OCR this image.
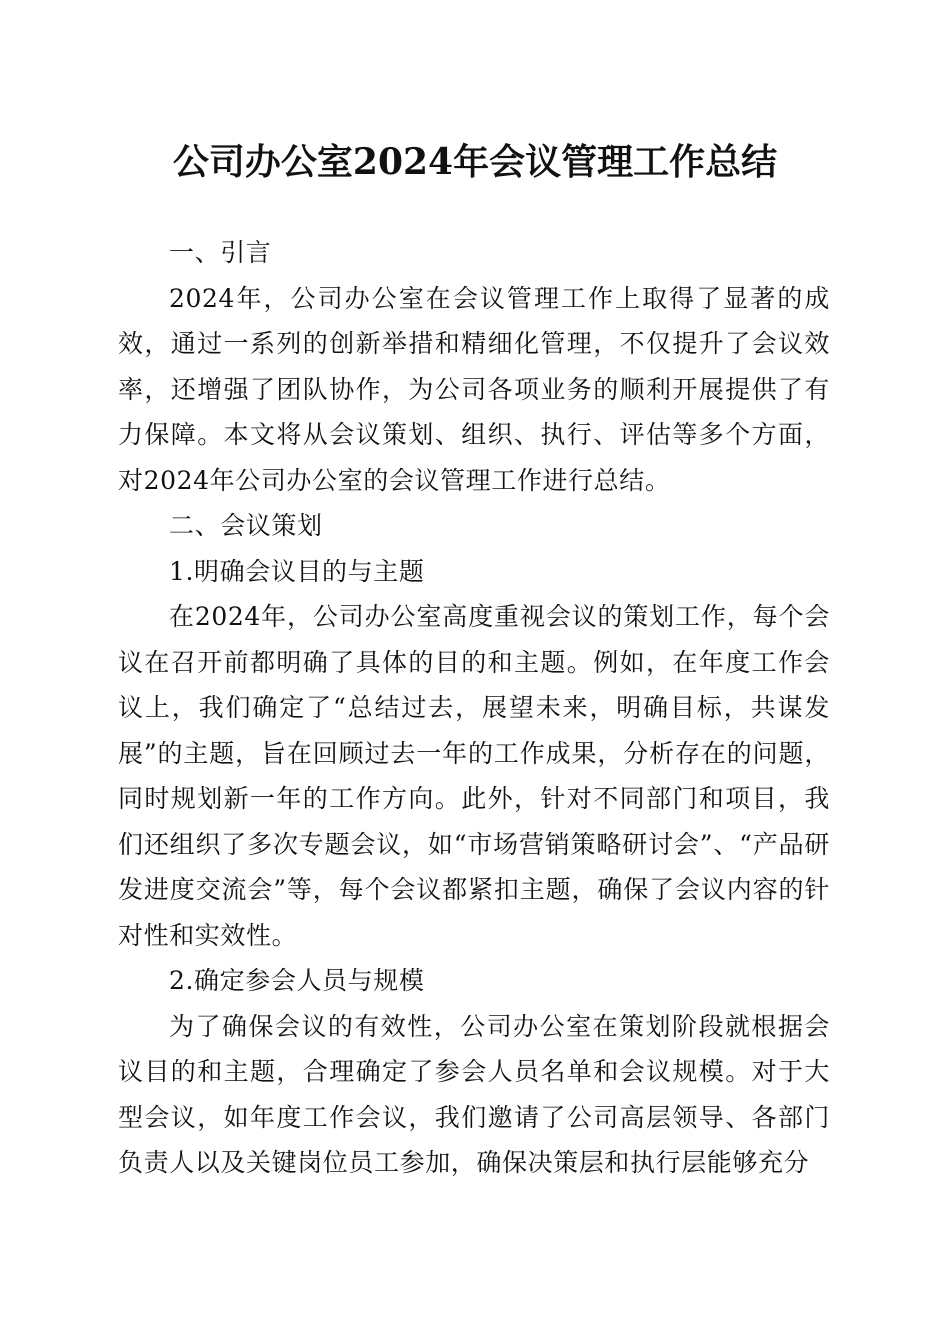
公司办公室2024年会议管理工作总结

一、引言

2024年，公司办公室在会议管理工作上取得了显著的成效，通过一系列的创新举措和精细化管理，不仅提升了会议效率，还增强了团队协作，为公司各项业务的顺利开展提供了有力保障。本文将从会议策划、组织、执行、评估等多个方面，对2024年公司办公室的会议管理工作进行总结。

二、会议策划

1.明确会议目的与主题

在2024年，公司办公室高度重视会议的策划工作，每个会议在召开前都明确了具体的目的和主题。例如，在年度工作会议上，我们确定了“总结过去，展望未来，明确目标，共谋发展”的主题，旨在回顾过去一年的工作成果，分析存在的问题，同时规划新一年的工作方向。此外，针对不同部门和项目，我们还组织了多次专题会议，如“市场营销策略研讨会”、“产品研发进度交流会”等，每个会议都紧扣主题，确保了会议内容的针对性和实效性。

2.确定参会人员与规模

为了确保会议的有效性，公司办公室在策划阶段就根据会议目的和主题，合理确定了参会人员名单和会议规模。对于大型会议，如年度工作会议，我们邀请了公司高层领导、各部门负责人以及关键岗位员工参加，确保决策层和执行层能够充分
